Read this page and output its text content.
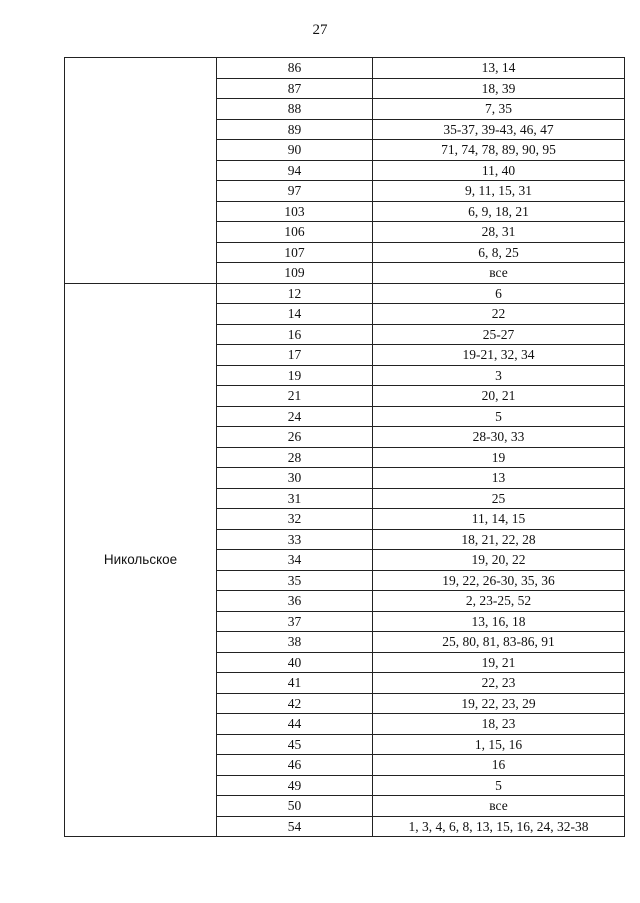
27
	86	13, 14
	87	18, 39
	88	7, 35
	89	35-37, 39-43, 46, 47
	90	71, 74, 78, 89, 90, 95
	94	11, 40
	97	9, 11, 15, 31
	103	6, 9, 18, 21
	106	28, 31
	107	6, 8, 25
	109	все
Никольское	12	6
	14	22
	16	25-27
	17	19-21, 32, 34
	19	3
	21	20, 21
	24	5
	26	28-30, 33
	28	19
	30	13
	31	25
	32	11, 14, 15
	33	18, 21, 22, 28
	34	19, 20, 22
	35	19, 22, 26-30, 35, 36
	36	2, 23-25, 52
	37	13, 16, 18
	38	25, 80, 81, 83-86, 91
	40	19, 21
	41	22, 23
	42	19, 22, 23, 29
	44	18, 23
	45	1, 15, 16
	46	16
	49	5
	50	все
	54	1, 3, 4, 6, 8, 13, 15, 16, 24, 32-38
